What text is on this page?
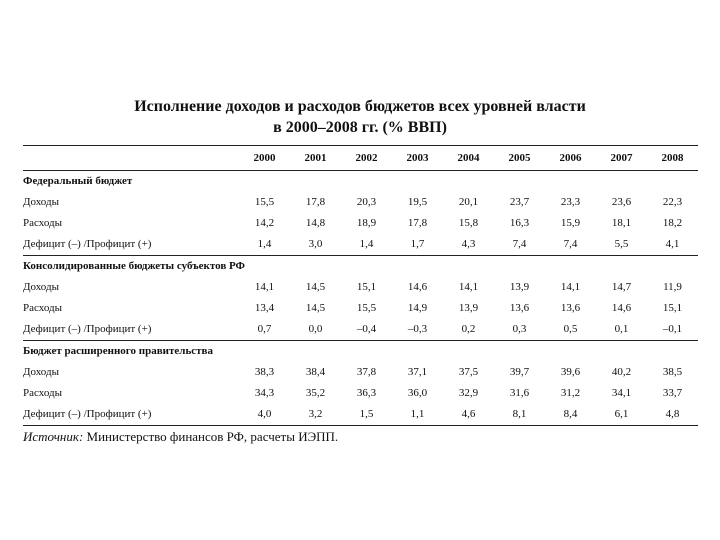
Исполнение доходов и расходов бюджетов всех уровней власти
в 2000–2008 гг. (% ВВП)
	2000	2001	2002	2003	2004	2005	2006	2007	2008
Федеральный бюджет									
Доходы	15,5	17,8	20,3	19,5	20,1	23,7	23,3	23,6	22,3
Расходы	14,2	14,8	18,9	17,8	15,8	16,3	15,9	18,1	18,2
Дефицит (–) /Профицит (+)	1,4	3,0	1,4	1,7	4,3	7,4	7,4	5,5	4,1
Консолидированные бюджеты субъектов РФ									
Доходы	14,1	14,5	15,1	14,6	14,1	13,9	14,1	14,7	11,9
Расходы	13,4	14,5	15,5	14,9	13,9	13,6	13,6	14,6	15,1
Дефицит (–) /Профицит (+)	0,7	0,0	–0,4	–0,3	0,2	0,3	0,5	0,1	–0,1
Бюджет расширенного правительства									
Доходы	38,3	38,4	37,8	37,1	37,5	39,7	39,6	40,2	38,5
Расходы	34,3	35,2	36,3	36,0	32,9	31,6	31,2	34,1	33,7
Дефицит (–) /Профицит (+)	4,0	3,2	1,5	1,1	4,6	8,1	8,4	6,1	4,8
Источник: Министерство финансов РФ, расчеты ИЭПП.
